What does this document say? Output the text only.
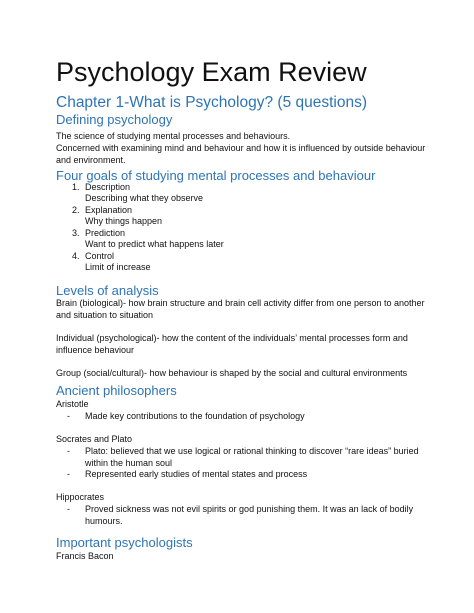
Psychology Exam Review
Chapter 1-What is Psychology? (5 questions)
Defining psychology
The science of studying mental processes and behaviours.
Concerned with examining mind and behaviour and how it is influenced by outside behaviour and environment.
Four goals of studying mental processes and behaviour
1. Description
Describing what they observe
2. Explanation
Why things happen
3. Prediction
Want to predict what happens later
4. Control
Limit of increase
Levels of analysis
Brain (biological)- how brain structure and brain cell activity differ from one person to another and situation to situation
Individual (psychological)- how the content of the individuals’ mental processes form and influence behaviour
Group (social/cultural)- how behaviour is shaped by the social and cultural environments
Ancient philosophers
Aristotle
- Made key contributions to the foundation of psychology
Socrates and Plato
- Plato: believed that we use logical or rational thinking to discover “rare ideas” buried within the human soul
- Represented early studies of mental states and process
Hippocrates
- Proved sickness was not evil spirits or god punishing them. It was an lack of bodily humours.
Important psychologists
Francis Bacon
